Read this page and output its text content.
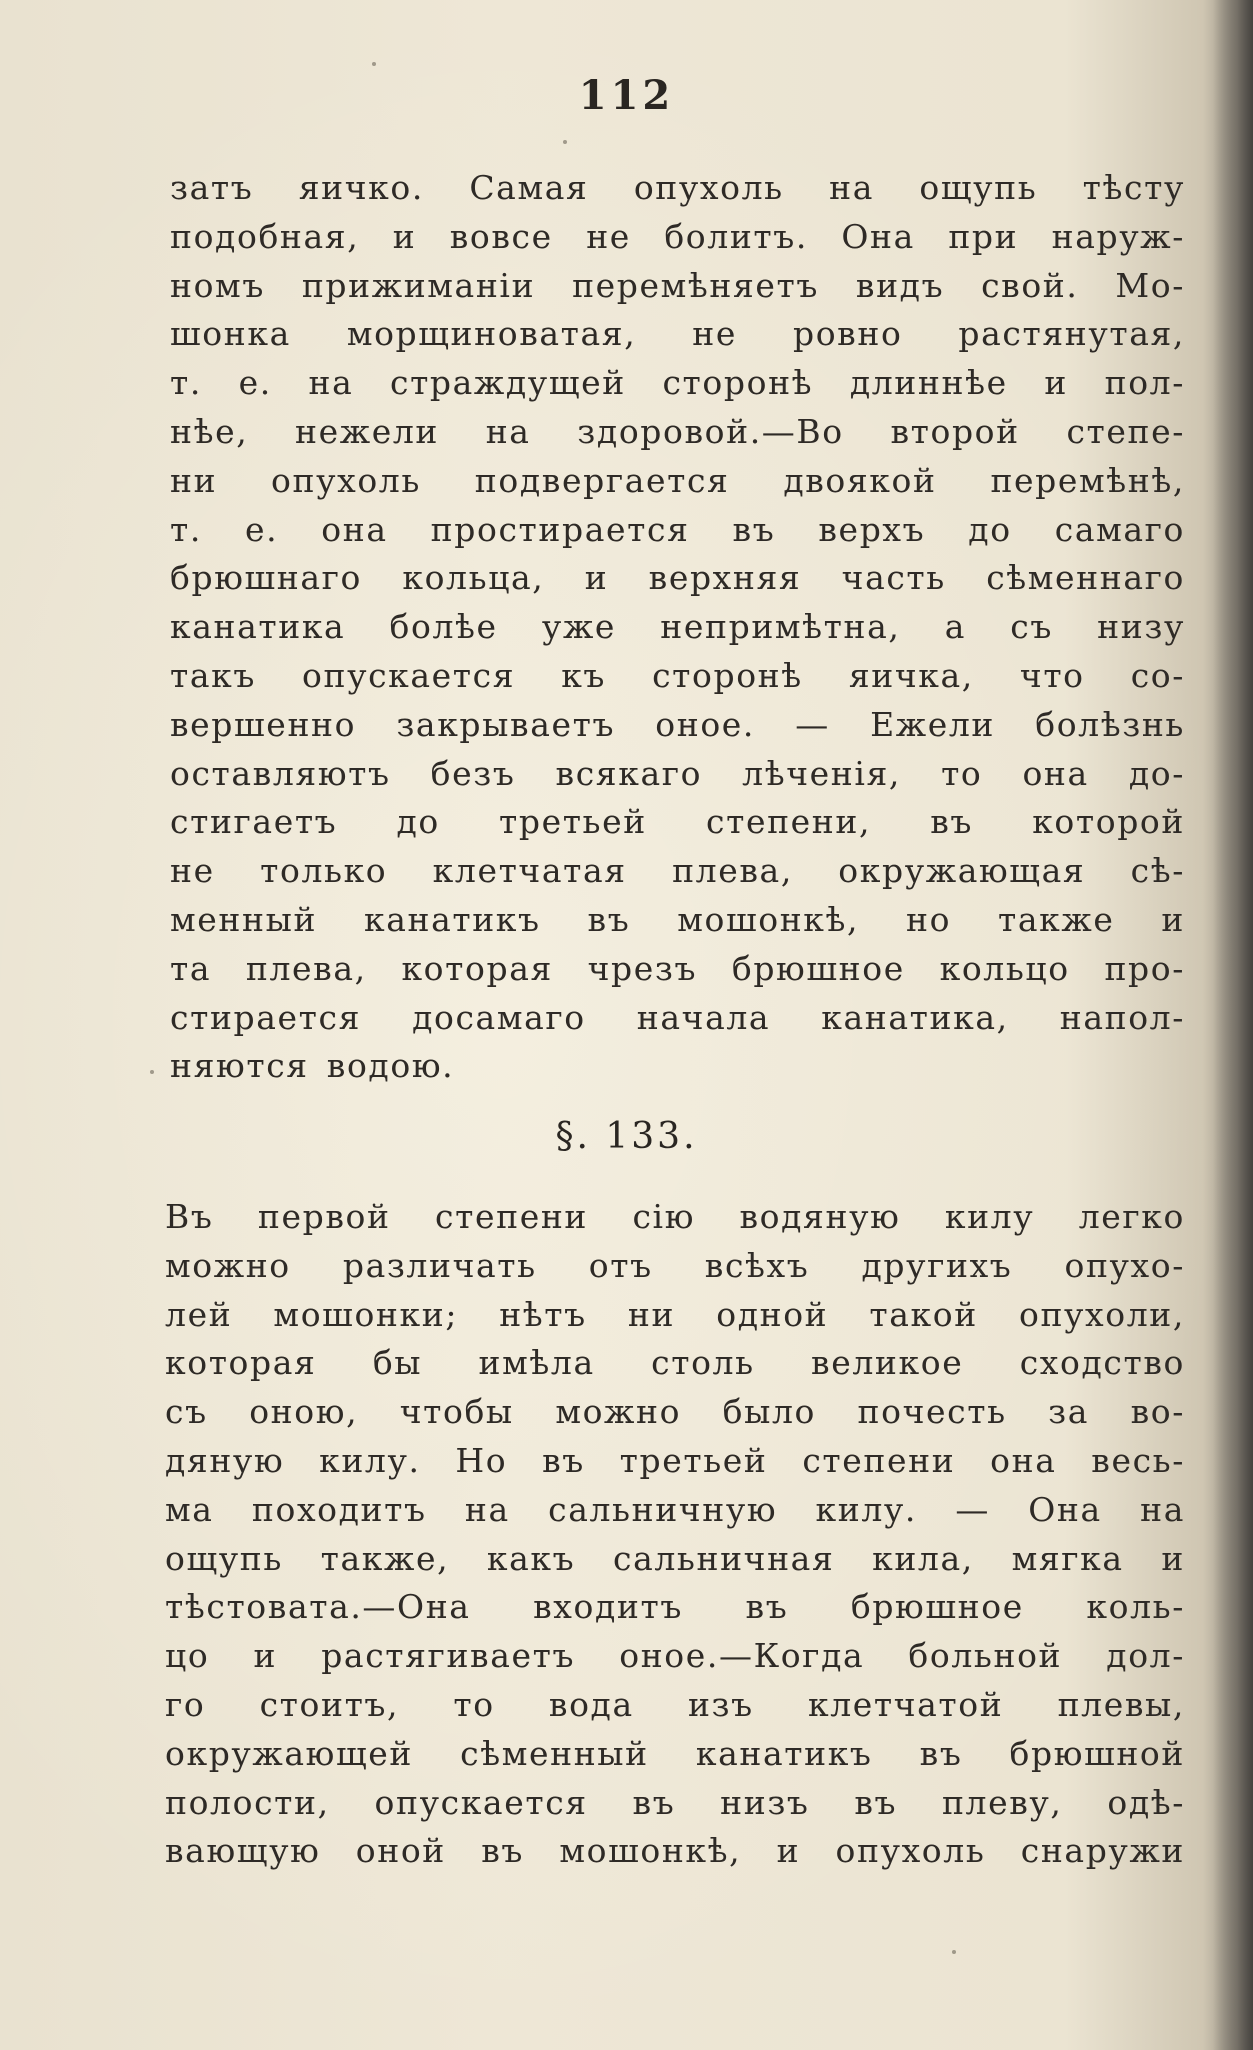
112
затъ яичко. Самая опухоль на ощупь тѣсту
подобная, и вовсе не болитъ. Она при наруж-
номъ прижиманіи перемѣняетъ видъ свой. Мо-
шонка морщиноватая, не ровно растянутая,
т. е. на страждущей сторонѣ длиннѣе и пол-
нѣе, нежели на здоровой.—Во второй степе-
ни опухоль подвергается двоякой перемѣнѣ,
т. е. она простирается въ верхъ до самаго
брюшнаго кольца, и верхняя часть сѣменнаго
канатика болѣе уже непримѣтна, а съ низу
такъ опускается къ сторонѣ яичка, что со-
вершенно закрываетъ оное. — Ежели болѣзнь
оставляютъ безъ всякаго лѣченія, то она до-
стигаетъ до третьей степени, въ которой
не только клетчатая плева, окружающая сѣ-
менный канатикъ въ мошонкѣ, но также и
та плева, которая чрезъ брюшное кольцо про-
стирается досамаго начала канатика, напол-
няются водою.
§. 133.
Въ первой степени сію водяную килу легко
можно различать отъ всѣхъ другихъ опухо-
лей мошонки; нѣтъ ни одной такой опухоли,
которая бы имѣла столь великое сходство
съ оною, чтобы можно было почесть за во-
дяную килу. Но въ третьей степени она весь-
ма походитъ на сальничную килу. — Она на
ощупь также, какъ сальничная кила, мягка и
тѣстовата.—Она входитъ въ брюшное коль-
цо и растягиваетъ оное.—Когда больной дол-
го стоитъ, то вода изъ клетчатой плевы,
окружающей сѣменный канатикъ въ брюшной
полости, опускается въ низъ въ плеву, одѣ-
вающую оной въ мошонкѣ, и опухоль снаружи
